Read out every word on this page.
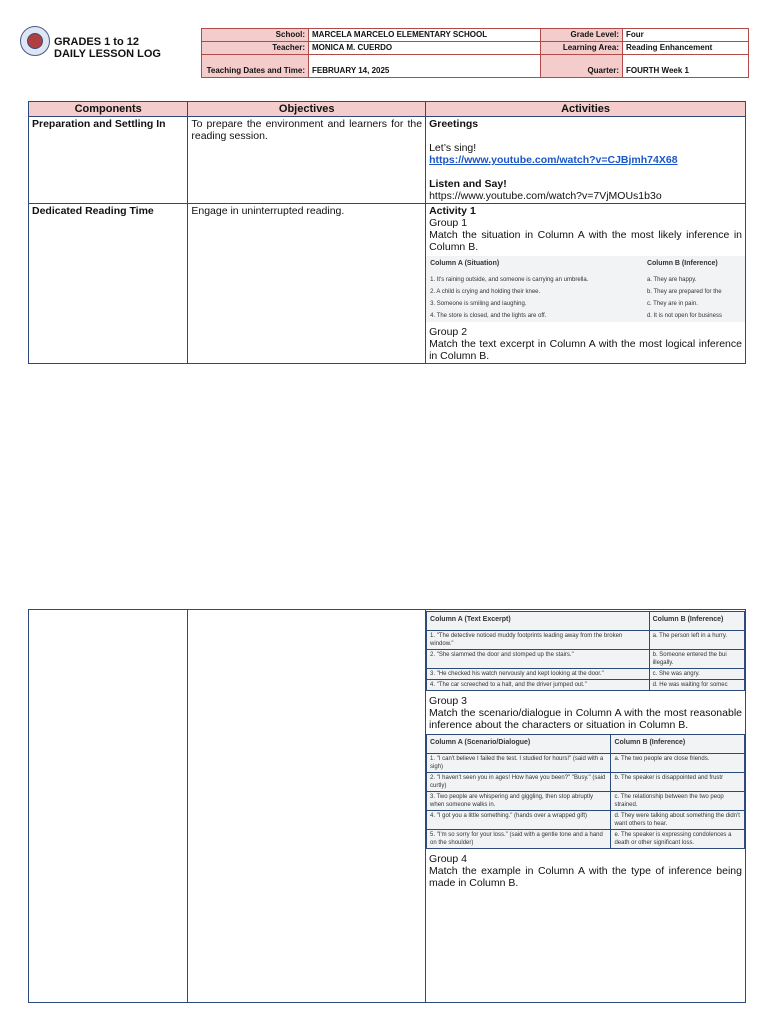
GRADES 1 to 12
DAILY LESSON LOG
School:	MARCELA MARCELO ELEMENTARY SCHOOL	Grade Level:	Four
Teacher:	MONICA M. CUERDO	Learning Area:	Reading Enhancement
Teaching Dates and Time:	FEBRUARY 14, 2025	Quarter:	FOURTH Week 1
Components	Objectives	Activities
Preparation and Settling In	To prepare the environment and learners for the reading session.	
Greetings
Let’s sing!
https://www.youtube.com/watch?v=CJBjmh74X68
Listen and Say!
https://www.youtube.com/watch?v=7VjMOUs1b3o

Dedicated Reading Time	Engage in uninterrupted reading.	Activity 1
Group 1
Match the situation in Column A with the most likely inference in Column B.
Column A (Situation)	Column B (Inference)
1. It's raining outside, and someone is carrying an umbrella.	a. They are happy.
2. A child is crying and holding their knee.	b. They are prepared for the
3. Someone is smiling and laughing.	c. They are in pain.
4. The store is closed, and the lights are off.	d. It is not open for business
Group 2
Match the text excerpt in Column A with the most logical inference in Column B.

Column A (Text Excerpt)	Column B (Inference)
1. "The detective noticed muddy footprints leading away from the broken window."	a. The person left in a hurry.
2. "She slammed the door and stomped up the stairs."	b. Someone entered the bui illegally.
3. "He checked his watch nervously and kept looking at the door."	c. She was angry.
4. "The car screeched to a halt, and the driver jumped out."	d. He was waiting for somec
Group 3
Match the scenario/dialogue in Column A with the most reasonable inference about the characters or situation in Column B.
Column A (Scenario/Dialogue)	Column B (Inference)
1. "I can't believe I failed the test. I studied for hours!" (said with a sigh)	a. The two people are close friends.
2. "I haven't seen you in ages! How have you been?" "Busy." (said curtly)	b. The speaker is disappointed and frustr
3. Two people are whispering and giggling, then stop abruptly when someone walks in.	c. The relationship between the two peop strained.
4. "I got you a little something." (hands over a wrapped gift)	d. They were talking about something the didn't want others to hear.
5. "I'm so sorry for your loss." (said with a gentle tone and a hand on the shoulder)	e. The speaker is expressing condolences a death or other significant loss.
Group 4
Match the example in Column A with the type of inference being made in Column B.
